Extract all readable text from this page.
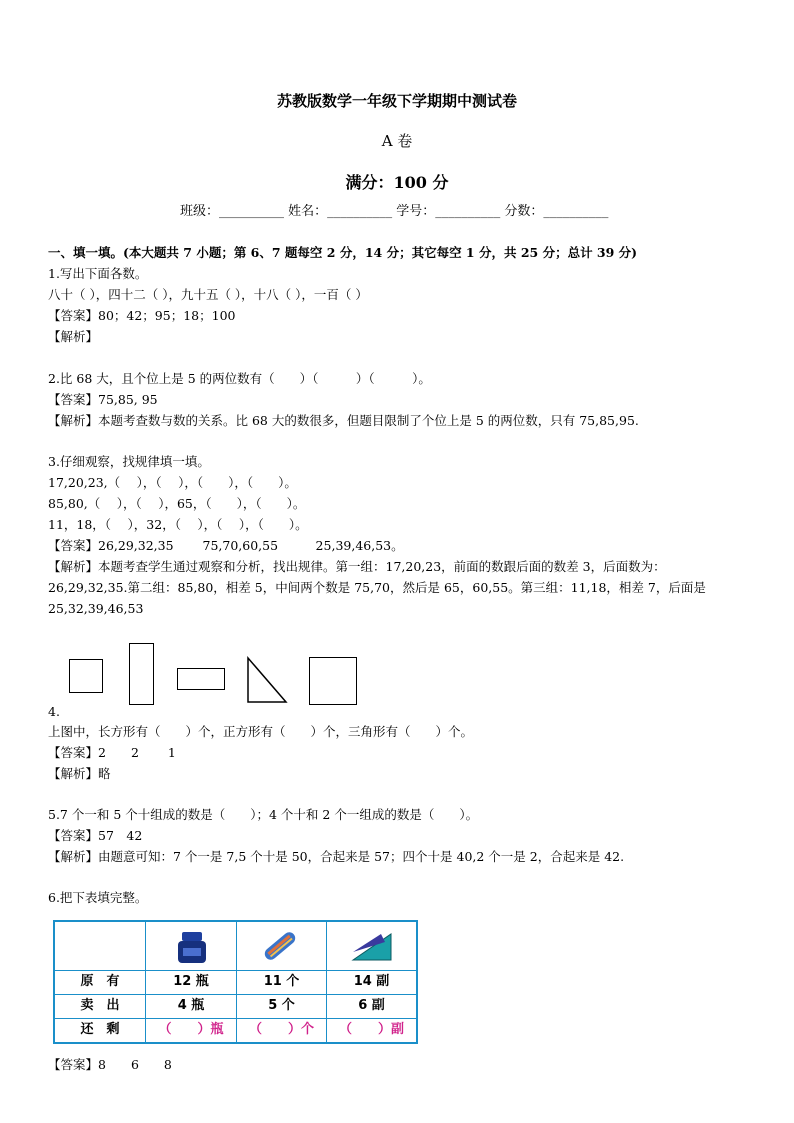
苏教版数学一年级下学期期中测试卷
A 卷
满分：100 分
班级：__________ 姓名：__________ 学号：__________ 分数：__________
一、填一填。(本大题共 7 小题；第 6、7 题每空 2 分，14 分；其它每空 1 分，共 25 分；总计 39 分)
1.写出下面各数。
八十（ ），四十二（ ），九十五（ ），十八（ ），一百（ ）
【答案】80；42；95；18；100
【解析】
2.比 68 大，且个位上是 5 的两位数有（　　）（　　　）（　　　）。
【答案】75,85, 95
【解析】本题考查数与数的关系。比 68 大的数很多，但题目限制了个位上是 5 的两位数，只有 75,85,95.
3.仔细观察，找规律填一填。
17,20,23,（　 ），（　 ），（　　），（　　）。
85,80,（　 ），（　 ），65，（　　），（　　）。
11，18，（　 ），32，（　 ），（　 ），（　　）。
【答案】26,29,32,35　　 75,70,60,55　　　25,39,46,53。
【解析】本题考查学生通过观察和分析，找出规律。第一组：17,20,23，前面的数跟后面的数差 3，后面数为：
26,29,32,35.第二组：85,80，相差 5，中间两个数是 75,70，然后是 65，60,55。第三组：11,18，相差 7，后面是
25,32,39,46,53
4.
上图中，长方形有（　　）个，正方形有（　　）个，三角形有（　　）个。
【答案】2　　2　　 1
【解析】略
5.7 个一和 5 个十组成的数是（　　）；4 个十和 2 个一组成的数是（　　）。
【答案】57　42
【解析】由题意可知：7 个一是 7,5 个十是 50，合起来是 57；四个十是 40,2 个一是 2，合起来是 42.
6.把下表填完整。
原　有	12 瓶	11 个	14 副
卖　出	4 瓶	5 个	6 副
还　剩	（　　）瓶	（　　）个	（　　）副
【答案】8　　6　　8
